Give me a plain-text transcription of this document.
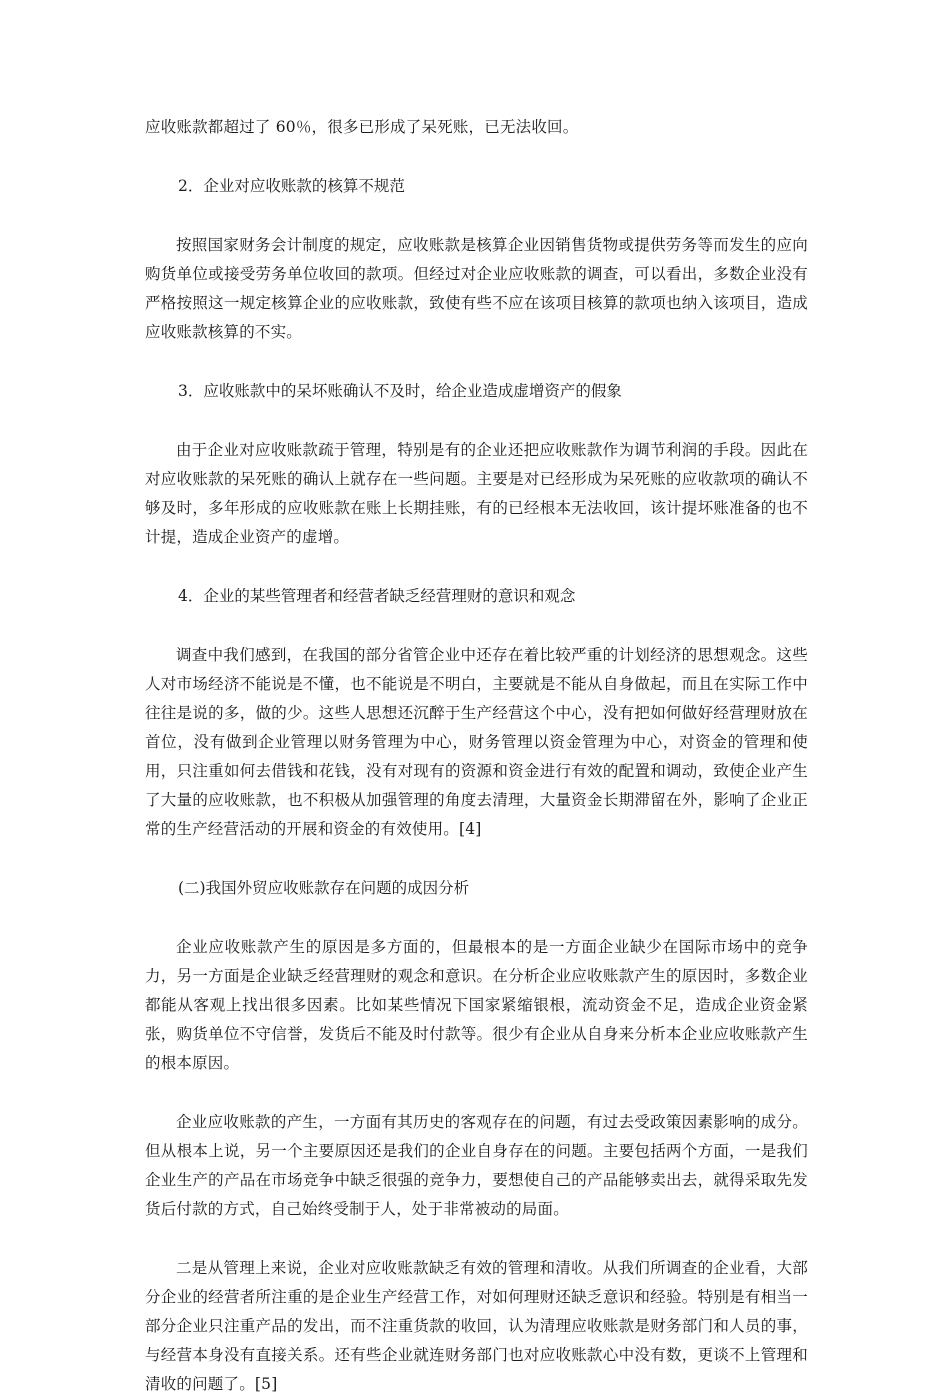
应收账款都超过了 60％，很多已形成了呆死账，已无法收回。

2．企业对应收账款的核算不规范

按照国家财务会计制度的规定，应收账款是核算企业因销售货物或提供劳务等而发生的应向购货单位或接受劳务单位收回的款项。但经过对企业应收账款的调查，可以看出，多数企业没有严格按照这一规定核算企业的应收账款，致使有些不应在该项目核算的款项也纳入该项目，造成应收账款核算的不实。

3．应收账款中的呆坏账确认不及时，给企业造成虚增资产的假象

由于企业对应收账款疏于管理，特别是有的企业还把应收账款作为调节利润的手段。因此在对应收账款的呆死账的确认上就存在一些问题。主要是对已经形成为呆死账的应收款项的确认不够及时，多年形成的应收账款在账上长期挂账，有的已经根本无法收回，该计提坏账准备的也不计提，造成企业资产的虚增。

4．企业的某些管理者和经营者缺乏经营理财的意识和观念

调查中我们感到，在我国的部分省管企业中还存在着比较严重的计划经济的思想观念。这些人对市场经济不能说是不懂，也不能说是不明白，主要就是不能从自身做起，而且在实际工作中往往是说的多，做的少。这些人思想还沉醉于生产经营这个中心，没有把如何做好经营理财放在首位，没有做到企业管理以财务管理为中心，财务管理以资金管理为中心，对资金的管理和使用，只注重如何去借钱和花钱，没有对现有的资源和资金进行有效的配置和调动，致使企业产生了大量的应收账款，也不积极从加强管理的角度去清理，大量资金长期滞留在外，影响了企业正常的生产经营活动的开展和资金的有效使用。[4]

(二)我国外贸应收账款存在问题的成因分析

企业应收账款产生的原因是多方面的，但最根本的是一方面企业缺少在国际市场中的竞争力，另一方面是企业缺乏经营理财的观念和意识。在分析企业应收账款产生的原因时，多数企业都能从客观上找出很多因素。比如某些情况下国家紧缩银根，流动资金不足，造成企业资金紧张，购货单位不守信誉，发货后不能及时付款等。很少有企业从自身来分析本企业应收账款产生的根本原因。

企业应收账款的产生，一方面有其历史的客观存在的问题，有过去受政策因素影响的成分。但从根本上说，另一个主要原因还是我们的企业自身存在的问题。主要包括两个方面，一是我们企业生产的产品在市场竞争中缺乏很强的竞争力，要想使自己的产品能够卖出去，就得采取先发货后付款的方式，自己始终受制于人，处于非常被动的局面。

二是从管理上来说，企业对应收账款缺乏有效的管理和清收。从我们所调查的企业看，大部分企业的经营者所注重的是企业生产经营工作，对如何理财还缺乏意识和经验。特别是有相当一部分企业只注重产品的发出，而不注重货款的收回，认为清理应收账款是财务部门和人员的事，与经营本身没有直接关系。还有些企业就连财务部门也对应收账款心中没有数，更谈不上管理和清收的问题了。[5]
